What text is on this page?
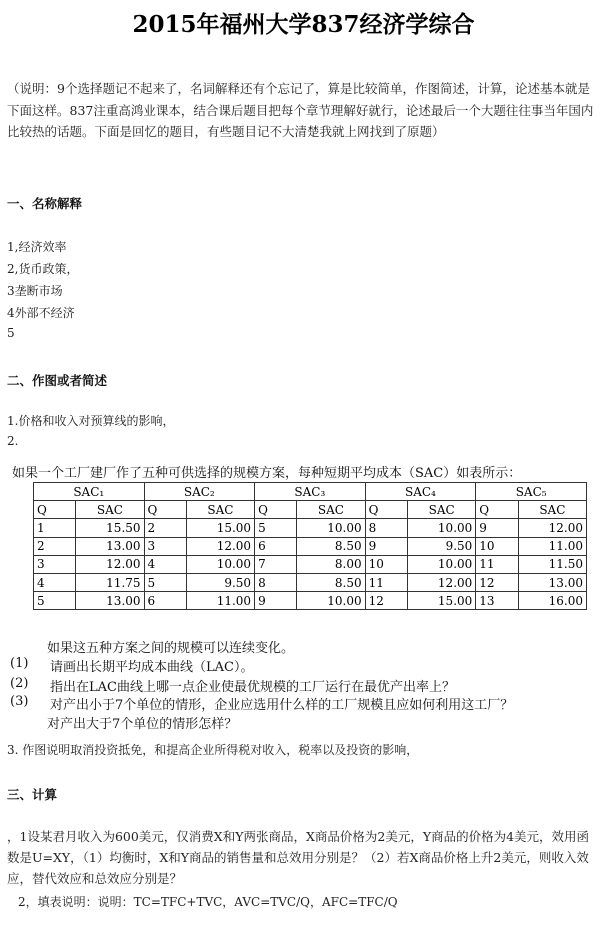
2015年福州大学837经济学综合
（说明：9个选择题记不起来了，名词解释还有个忘记了，算是比较简单，作图简述，计算，论述基本就是下面这样。837注重高鸿业课本，结合课后题目把每个章节理解好就行，论述最后一个大题往往事当年国内比较热的话题。下面是回忆的题目，有些题目记不大清楚我就上网找到了原题）
一、名称解释
1,经济效率
2,货币政策，
3垄断市场
4外部不经济
5
二、作图或者简述
1.价格和收入对预算线的影响，
2.
如果一个工厂建厂作了五种可供选择的规模方案，每种短期平均成本（SAC）如表所示：
SAC₁		SAC₂		SAC₃		SAC₄		SAC₅	
Q	SAC	Q	SAC	Q	SAC	Q	SAC	Q	SAC
1	15.50	2	15.00	5	10.00	8	10.00	9	12.00
2	13.00	3	12.00	6	8.50	9	9.50	10	11.00
3	12.00	4	10.00	7	8.00	10	10.00	11	11.50
4	11.75	5	9.50	8	8.50	11	12.00	12	13.00
5	13.00	6	11.00	9	10.00	12	15.00	13	16.00
如果这五种方案之间的规模可以连续变化。
(1) 请画出长期平均成本曲线（LAC）。
(2) 指出在LAC曲线上哪一点企业使最优规模的工厂运行在最优产出率上？
(3) 对产出小于7个单位的情形，企业应选用什么样的工厂规模且应如何利用这工厂？
对产出大于7个单位的情形怎样？
3. 作图说明取消投资抵免，和提高企业所得税对收入，税率以及投资的影响，
三、计算
，1设某君月收入为600美元，仅消费X和Y两张商品，X商品价格为2美元，Y商品的价格为4美元，效用函数是U=XY，（1）均衡时，X和Y商品的销售量和总效用分别是？（2）若X商品价格上升2美元，则收入效应，替代效应和总效应分别是？
2，填表说明：说明：TC=TFC+TVC，AVC=TVC/Q，AFC=TFC/Q
